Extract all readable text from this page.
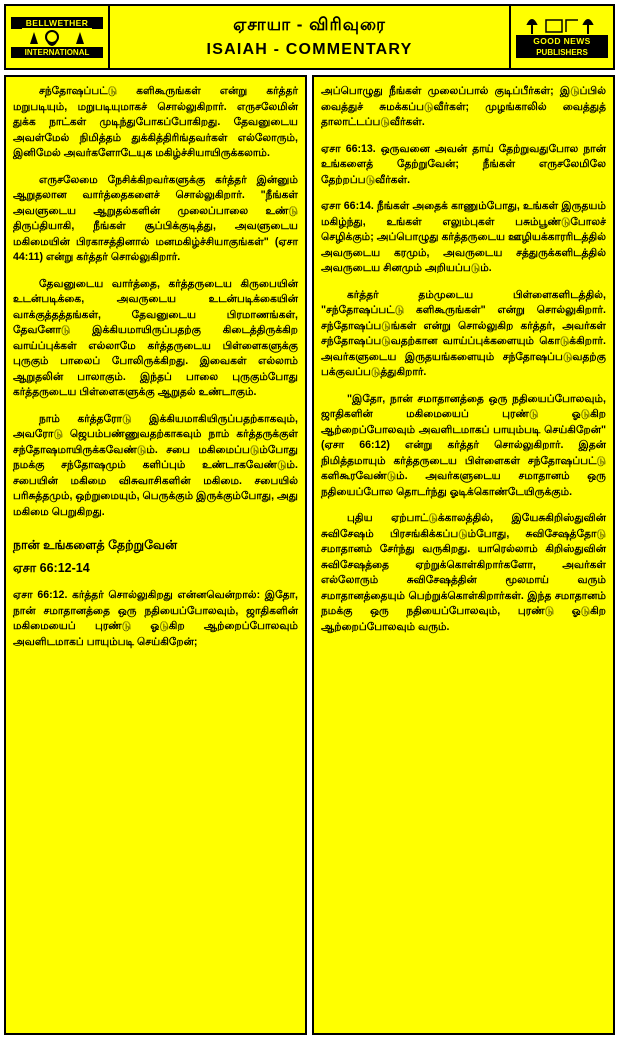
BELLWETHER
INTERNATIONAL
ஏசாயா - விரிவுரை
ISAIAH - COMMENTARY
GOOD NEWS
PUBLISHERS

சந்தோஷப்பட்டு களிகூருங்கள் என்று கர்த்தர் மறுபடியும், மறுபடியுமாகச் சொல்லுகிறார். எருசலேமின் துக்க நாட்கள் முடிந்துபோகப்போகிறது. தேவனுடைய அவள்மேல் நிமித்தம் துக்கித்திரிங்தவர்கள் எல்லோரும், இனிமேல் அவர்களோடேயுக மகிழ்ச்சியாயிருக்கலாம்.

எருசலேமை நேசிக்கிறவர்களுக்கு கர்த்தர் இன்னும் ஆறுதலான வார்த்தைகளைச் சொல்லுகிறார். "நீங்கள் அவளுடைய ஆறுதல்களின் முலைப்பாலை உண்டு திருப்தியாகி, நீங்கள் சூப்பிக்குடித்து, அவளுடைய மகிமையின் பிரகாசத்தினால் மனமகிழ்ச்சியாகுங்கள்" (ஏசா 44:11) என்று கர்த்தர் சொல்லுகிறார்.

தேவனுடைய வார்த்தை, கர்த்தருடைய கிருபையின் உடன்படிக்கை, அவருடைய உடன்படிக்கையின் வாக்குத்தத்தங்கள், தேவனுடைய பிரமாணங்கள், தேவனோடு இக்கியமாயிருப்பதற்கு கிடைத்திருக்கிற வாய்ப்புக்கள் எல்லாமே கர்த்தருடைய பிள்ளைகளுக்கு புருகும் பாலைப் போலிருக்கிறது. இவைகள் எல்லாம் ஆறுதலின் பாலாகும். இந்தப் பாலை புருகும்போது கர்த்தருடைய பிள்ளைகளுக்கு ஆறுதல் உண்டாகும்.

நாம் கர்த்தரோடு இக்கியமாகியிருப்பதற்காகவும், அவரோடு ஜெபம்பண்ணுவதற்காகவும் நாம் கர்த்தருக்குள் சந்தோஷமாயிருக்கவேண்டும். சபை மகிமைப்படும்போது நமக்கு சந்தோஷமும் களிப்பும் உண்டாகவேண்டும். சபையின் மகிமை விசுவாசிகளின் மகிமை. சபையில் பரிசுத்தமும், ஒற்றுமையும், பெருக்கும் இருக்கும்போது, அது மகிமை பெறுகிறது.

நான் உங்களைத் தேற்றுவேன்

ஏசா 66:12-14

ஏசா 66:12. கர்த்தர் சொல்லுகிறது என்னவென்றால்: இதோ, நான் சமாதானத்தை ஒரு நதியைப்போலவும், ஜாதிகளின் மகிமையைப் புரண்டு ஓடுகிற ஆற்றைப்போலவும் அவளிடமாகப் பாயும்படி செய்கிறேன்;

அப்பொழுது நீங்கள் முலைப்பால் குடிப்பீர்கள்; இடுப்பில் வைத்துச் சுமக்கப்படுவீர்கள்; முழங்காலில் வைத்துத் தாலாட்டப்படுவீர்கள்.

ஏசா 66:13. ஒருவனை அவன் தாய் தேற்றுவதுபோல நான் உங்களைத் தேற்றுவேன்; நீங்கள் எருசலேமிலே தேற்றப்படுவீர்கள்.

ஏசா 66:14. நீங்கள் அதைக் காணும்போது, உங்கள் இருதயம் மகிழ்ந்து, உங்கள் எலும்புகள் பசும்பூண்டுபோலச் செழிக்கும்; அப்பொழுது கர்த்தருடைய ஊழியக்காரரிடத்தில் அவருடைய கரமும், அவருடைய சத்துருக்களிடத்தில் அவருடைய சினமும் அறியப்படும்.

கர்த்தர் தம்முடைய பிள்ளைகளிடத்தில், "சந்தோஷப்பட்டு களிகூருங்கள்" என்று சொல்லுகிறார். சந்தோஷப்படுங்கள் என்று சொல்லுகிற கர்த்தர், அவர்கள் சந்தோஷப்படுவதற்கான வாய்ப்புக்களையும் கொடுக்கிறார். அவர்களுடைய இருதயங்களையும் சந்தோஷப்படுவதற்கு பக்குவப்படுத்துகிறார்.

"இதோ, நான் சமாதானத்தை ஒரு நதியைப்போலவும், ஜாதிகளின் மகிமையைப் புரண்டு ஓடுகிற ஆற்றைப்போலவும் அவளிடமாகப் பாயும்படி செய்கிறேன்" (ஏசா 66:12) என்று கர்த்தர் சொல்லுகிறார். இதன் நிமித்தமாயும் கர்த்தருடைய பிள்ளைகள் சந்தோஷப்பட்டு களிகூரவேண்டும். அவர்களுடைய சமாதானம் ஒரு நதியைப்போல தொடர்ந்து ஓடிக்கொண்டேயிருக்கும்.

புதிய ஏற்பாட்டுக்காலத்தில், இயேசுகிறிஸ்துவின் சுவிசேஷம் பிரசங்கிக்கப்படும்போது, சுவிசேஷத்தோடு சமாதானம் சேர்ந்து வருகிறது. யாரெல்லாம் கிறிஸ்துவின் சுவிசேஷத்தை ஏற்றுக்கொள்கிறார்களோ, அவர்கள் எல்லோரும் சுவிசேஷத்தின் மூலமாய் வரும் சமாதானத்தையும் பெற்றுக்கொள்கிறார்கள். இந்த சமாதானம் நமக்கு ஒரு நதியைப்போலவும், புரண்டு ஓடுகிற ஆற்றைப்போலவும் வரும்.
